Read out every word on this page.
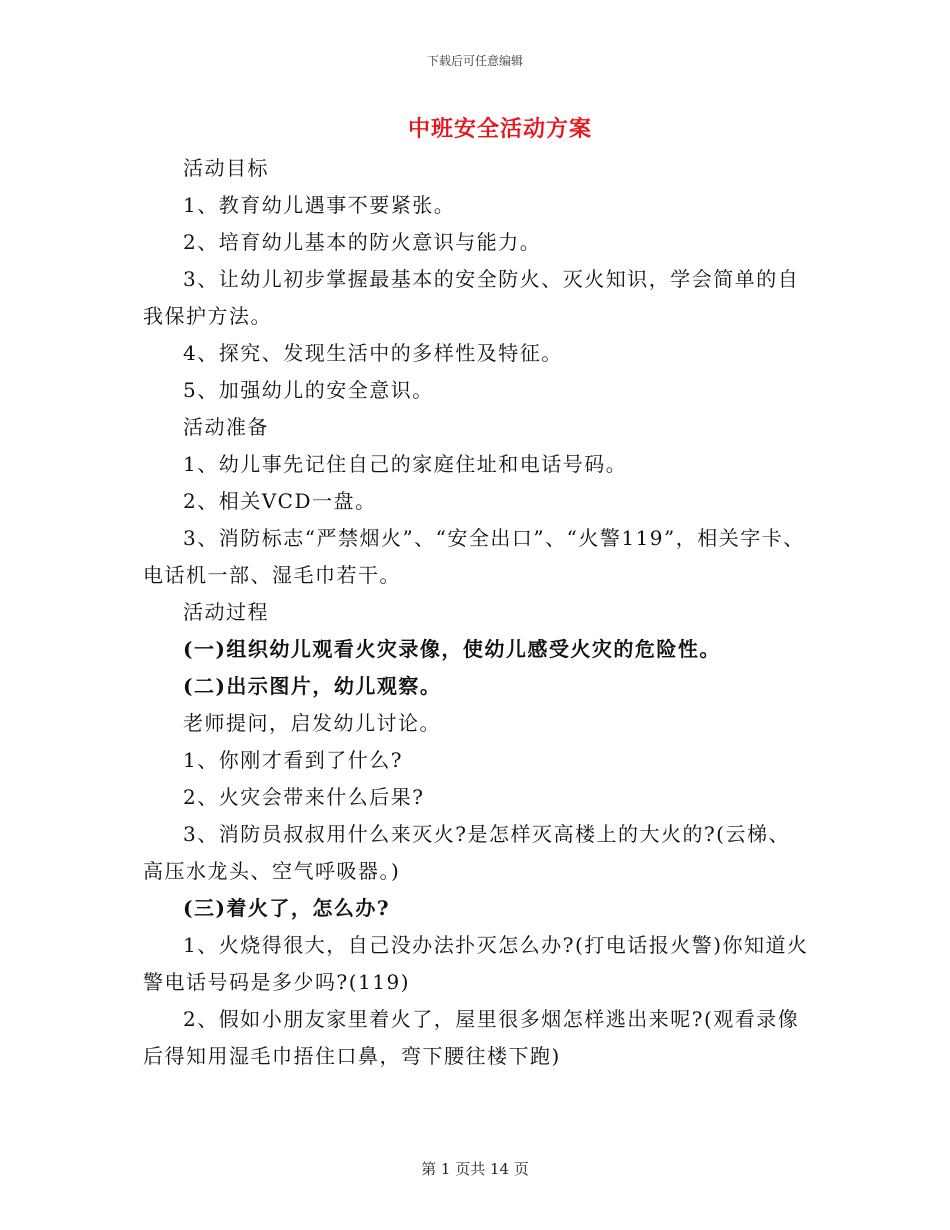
下载后可任意编辑
中班安全活动方案

活动目标

1、教育幼儿遇事不要紧张。

2、培育幼儿基本的防火意识与能力。

3、让幼儿初步掌握最基本的安全防火、灭火知识，学会简单的自我保护方法。

4、探究、发现生活中的多样性及特征。

5、加强幼儿的安全意识。

活动准备

1、幼儿事先记住自己的家庭住址和电话号码。

2、相关VCD一盘。

3、消防标志“严禁烟火”、“安全出口”、“火警119”，相关字卡、电话机一部、湿毛巾若干。

活动过程

(一)组织幼儿观看火灾录像，使幼儿感受火灾的危险性。

(二)出示图片，幼儿观察。

老师提问，启发幼儿讨论。

1、你刚才看到了什么?

2、火灾会带来什么后果?

3、消防员叔叔用什么来灭火?是怎样灭高楼上的大火的?(云梯、高压水龙头、空气呼吸器。)

(三)着火了，怎么办?

1、火烧得很大，自己没办法扑灭怎么办?(打电话报火警)你知道火警电话号码是多少吗?(119)

2、假如小朋友家里着火了，屋里很多烟怎样逃出来呢?(观看录像后得知用湿毛巾捂住口鼻，弯下腰往楼下跑)

第 1 页共 14 页
